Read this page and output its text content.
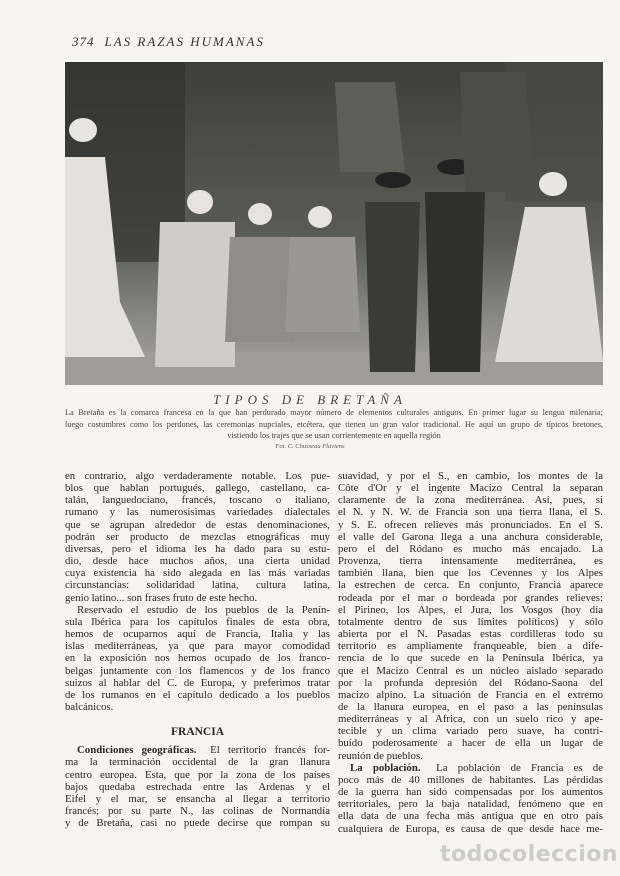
374 LAS RAZAS HUMANAS
TIPOS DE BRETAÑA
La Bretaña es la comarca francesa en la que han perdurado mayor número de elementos culturales antiguos. En primer lugar su lengua milenaria;
luego costumbres como los perdones, las ceremonias nupciales, etcétera, que tienen un gran valor tradicional. He aquí un grupo de típicos bretones,
vistiendo los trajes que se usan corrientemente en aquella región
Fot. C. Chusseau Flaviens
en contrario, algo verdaderamente notable. Los pue-
blos que hablan portugués, gallego, castellano, ca-
talán, languedociano, francés, toscano o italiano,
rumano y las numerosísimas variedades dialectales
que se agrupan alrededor de estas denominaciones,
podrán ser producto de mezclas etnográficas muy
diversas, pero el idioma les ha dado para su estu-
dio, desde hace muchos años, una cierta unidad
cuya existencia ha sido alegada en las más variadas
circunstancias: solidaridad latina, cultura latina,
genio latino... son frases fruto de este hecho.
Reservado el estudio de los pueblos de la Penín-
sula Ibérica para los capítulos finales de esta obra,
hemos de ocuparnos aquí de Francia, Italia y las
islas mediterráneas, ya que para mayor comodidad
en la exposición nos hemos ocupado de los franco-
belgas juntamente con los flamencos y de los franco
suizos al hablar del C. de Europa, y preferimos tratar
de los rumanos en el capítulo dedicado a los pueblos
balcánicos.
FRANCIA
Condiciones geográficas.  El territorio francés for-
ma la terminación occidental de la gran llanura
centro europea. Esta, que por la zona de los países
bajos quedaba estrechada entre las Ardenas y el
Eifel y el mar, se ensancha al llegar a territorio
francés; por su parte N., las colinas de Normandía
y de Bretaña, casi no puede decirse que rompan su
suavidad, y por el S., en cambio, los montes de la
Côte d'Or y el ingente Macizo Central la separan
claramente de la zona mediterránea. Así, pues, si
el N. y N. W. de Francia son una tierra llana, el S.
y S. E. ofrecen relieves más pronunciados. En el S.
el valle del Garona llega a una anchura considerable,
pero el del Ródano es mucho más encajado. La
Provenza, tierra intensamente mediterránea, es
también llana, bien que los Cevennes y los Alpes
la estrechen de cerca. En conjunto, Francia aparece
rodeada por el mar o bordeada por grandes relieves:
el Pirineo, los Alpes, el Jura, los Vosgos (hoy día
totalmente dentro de sus límites políticos) y sólo
abierta por el N. Pasadas estas cordilleras todo su
territorio es ampliamente franqueable, bien a dife-
rencia de lo que sucede en la Península Ibérica, ya
que el Macizo Central es un núcleo aislado separado
por la profunda depresión del Ródano-Saona del
macizo alpino. La situación de Francia en el extremo
de la llanura europea, en el paso a las penínsulas
mediterráneas y al Africa, con un suelo rico y ape-
tecible y un clima variado pero suave, ha contri-
buído poderosamente a hacer de ella un lugar de
reunión de pueblos.
La población.  La población de Francia es de
poco más de 40 millones de habitantes. Las pérdidas
de la guerra han sido compensadas por los aumentos
territoriales, pero la baja natalidad, fenómeno que en
ella data de una fecha más antigua que en otro país
cualquiera de Europa, es causa de que desde hace me-
todocoleccion
